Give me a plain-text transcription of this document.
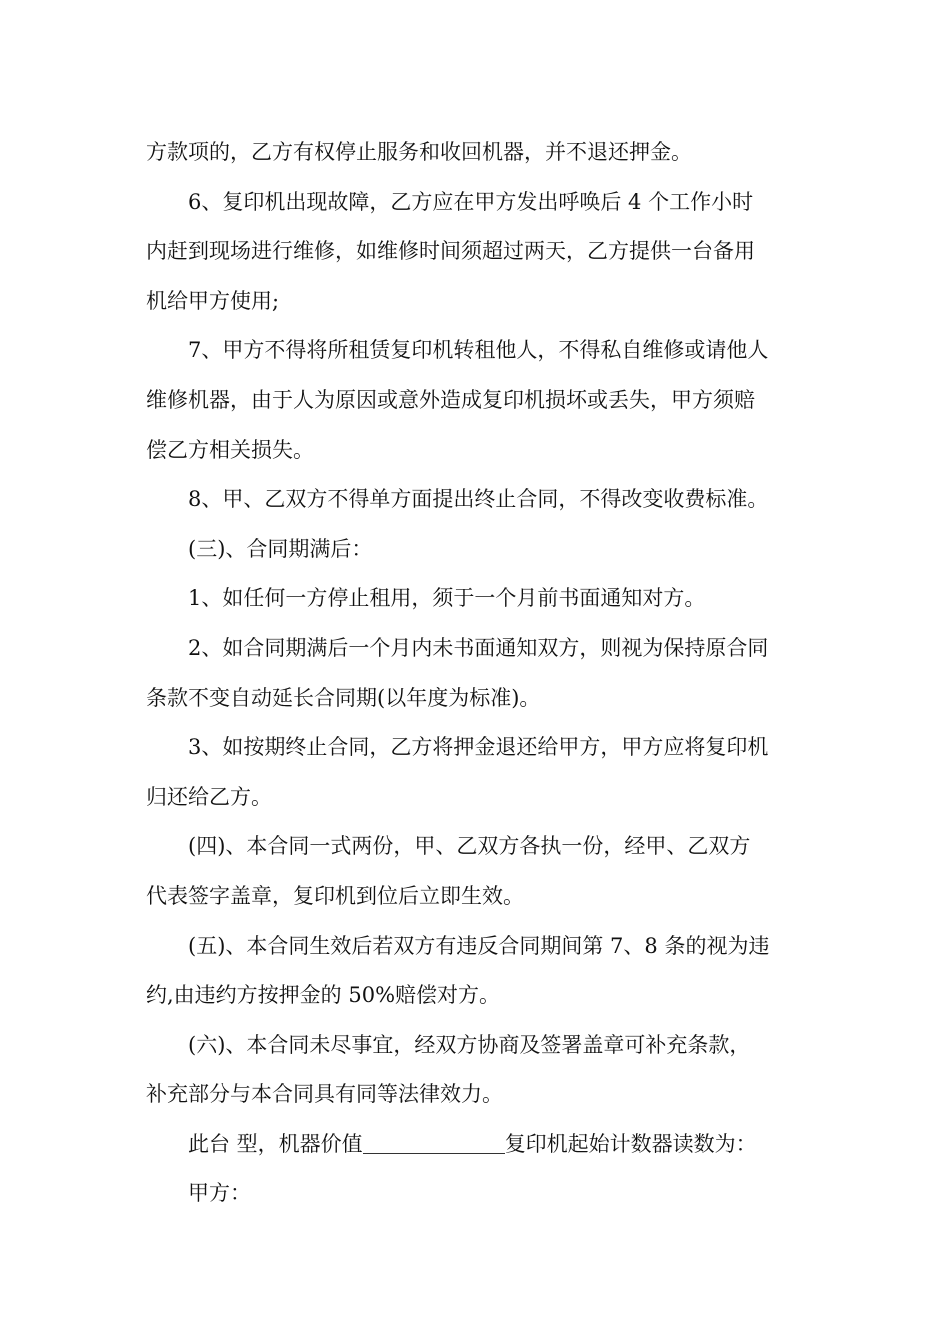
方款项的，乙方有权停止服务和收回机器，并不退还押金。
6、复印机出现故障，乙方应在甲方发出呼唤后 4 个工作小时
内赶到现场进行维修，如维修时间须超过两天，乙方提供一台备用
机给甲方使用;
7、甲方不得将所租赁复印机转租他人，不得私自维修或请他人
维修机器，由于人为原因或意外造成复印机损坏或丢失，甲方须赔
偿乙方相关损失。
8、甲、乙双方不得单方面提出终止合同，不得改变收费标准。
(三)、合同期满后：
1、如任何一方停止租用，须于一个月前书面通知对方。
2、如合同期满后一个月内未书面通知双方，则视为保持原合同
条款不变自动延长合同期(以年度为标准)。
3、如按期终止合同，乙方将押金退还给甲方，甲方应将复印机
归还给乙方。
(四)、本合同一式两份，甲、乙双方各执一份，经甲、乙双方
代表签字盖章，复印机到位后立即生效。
(五)、本合同生效后若双方有违反合同期间第 7、8 条的视为违
约,由违约方按押金的 50%赔偿对方。
(六)、本合同未尽事宜，经双方协商及签署盖章可补充条款，
补充部分与本合同具有同等法律效力。
此台 型，机器价值	复印机起始计数器读数为：
甲方：
